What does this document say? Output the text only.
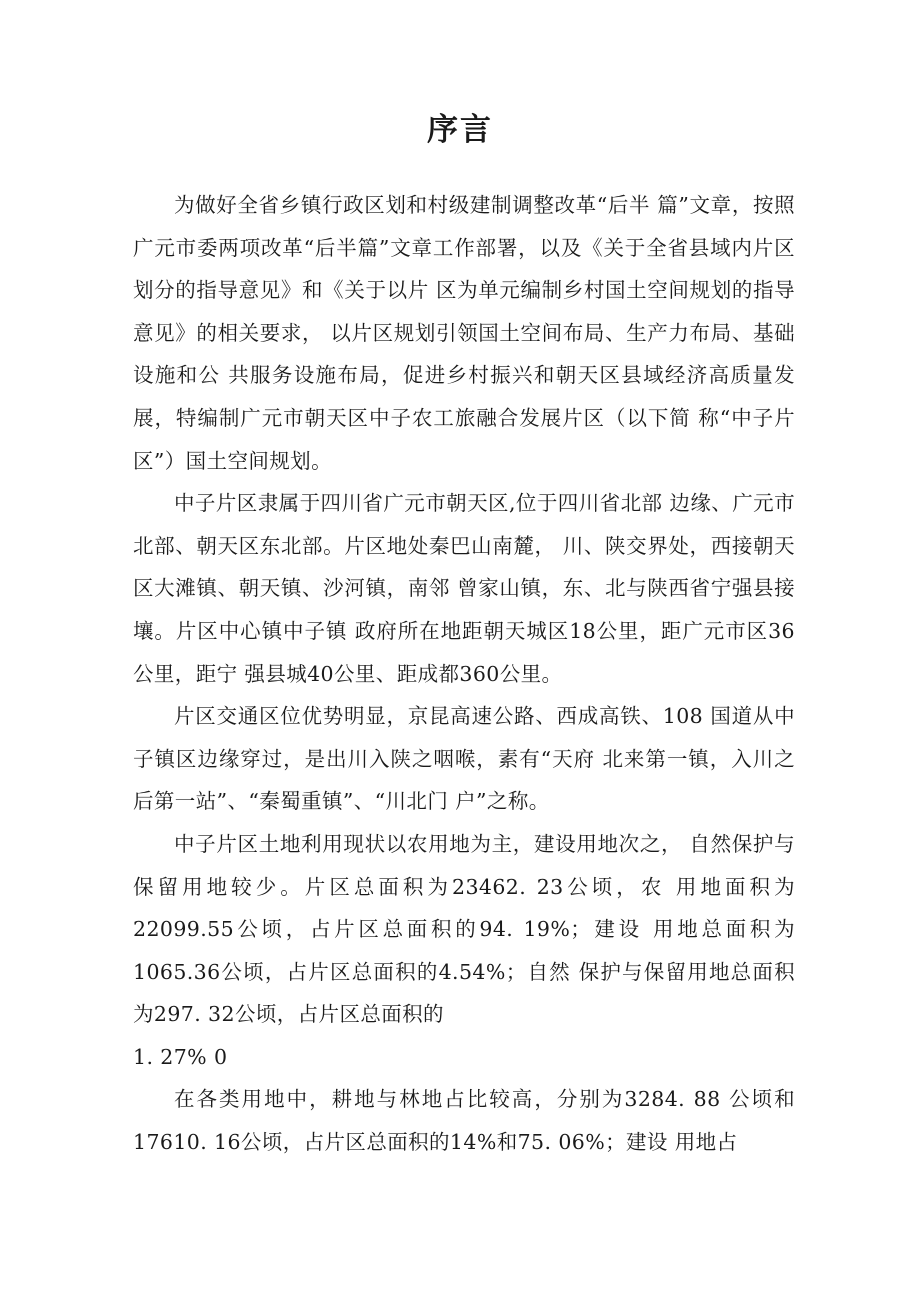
序言

为做好全省乡镇行政区划和村级建制调整改革“后半 篇”文章，按照广元市委两项改革“后半篇”文章工作部署，以及《关于全省县域内片区划分的指导意见》和《关于以片 区为单元编制乡村国土空间规划的指导意见》的相关要求， 以片区规划引领国土空间布局、生产力布局、基础设施和公 共服务设施布局，促进乡村振兴和朝天区县域经济高质量发 展，特编制广元市朝天区中子农工旅融合发展片区（以下简 称“中子片区”）国土空间规划。

中子片区隶属于四川省广元市朝天区,位于四川省北部 边缘、广元市北部、朝天区东北部。片区地处秦巴山南麓， 川、陕交界处，西接朝天区大滩镇、朝天镇、沙河镇，南邻 曾家山镇，东、北与陕西省宁强县接壤。片区中心镇中子镇 政府所在地距朝天城区18公里，距广元市区36公里，距宁 强县城40公里、距成都360公里。

片区交通区位优势明显，京昆高速公路、西成高铁、108 国道从中子镇区边缘穿过，是出川入陕之咽喉，素有“天府 北来第一镇，入川之后第一站”、“秦蜀重镇”、“川北门 户”之称。

中子片区土地利用现状以农用地为主，建设用地次之， 自然保护与保留用地较少。片区总面积为23462. 23公顷，农 用地面积为22099.55公顷，占片区总面积的94. 19%；建设 用地总面积为1065.36公顷，占片区总面积的4.54%；自然 保护与保留用地总面积为297. 32公顷，占片区总面积的

1. 27% 0

在各类用地中，耕地与林地占比较高，分别为3284. 88 公顷和17610. 16公顷，占片区总面积的14%和75. 06%；建设 用地占
